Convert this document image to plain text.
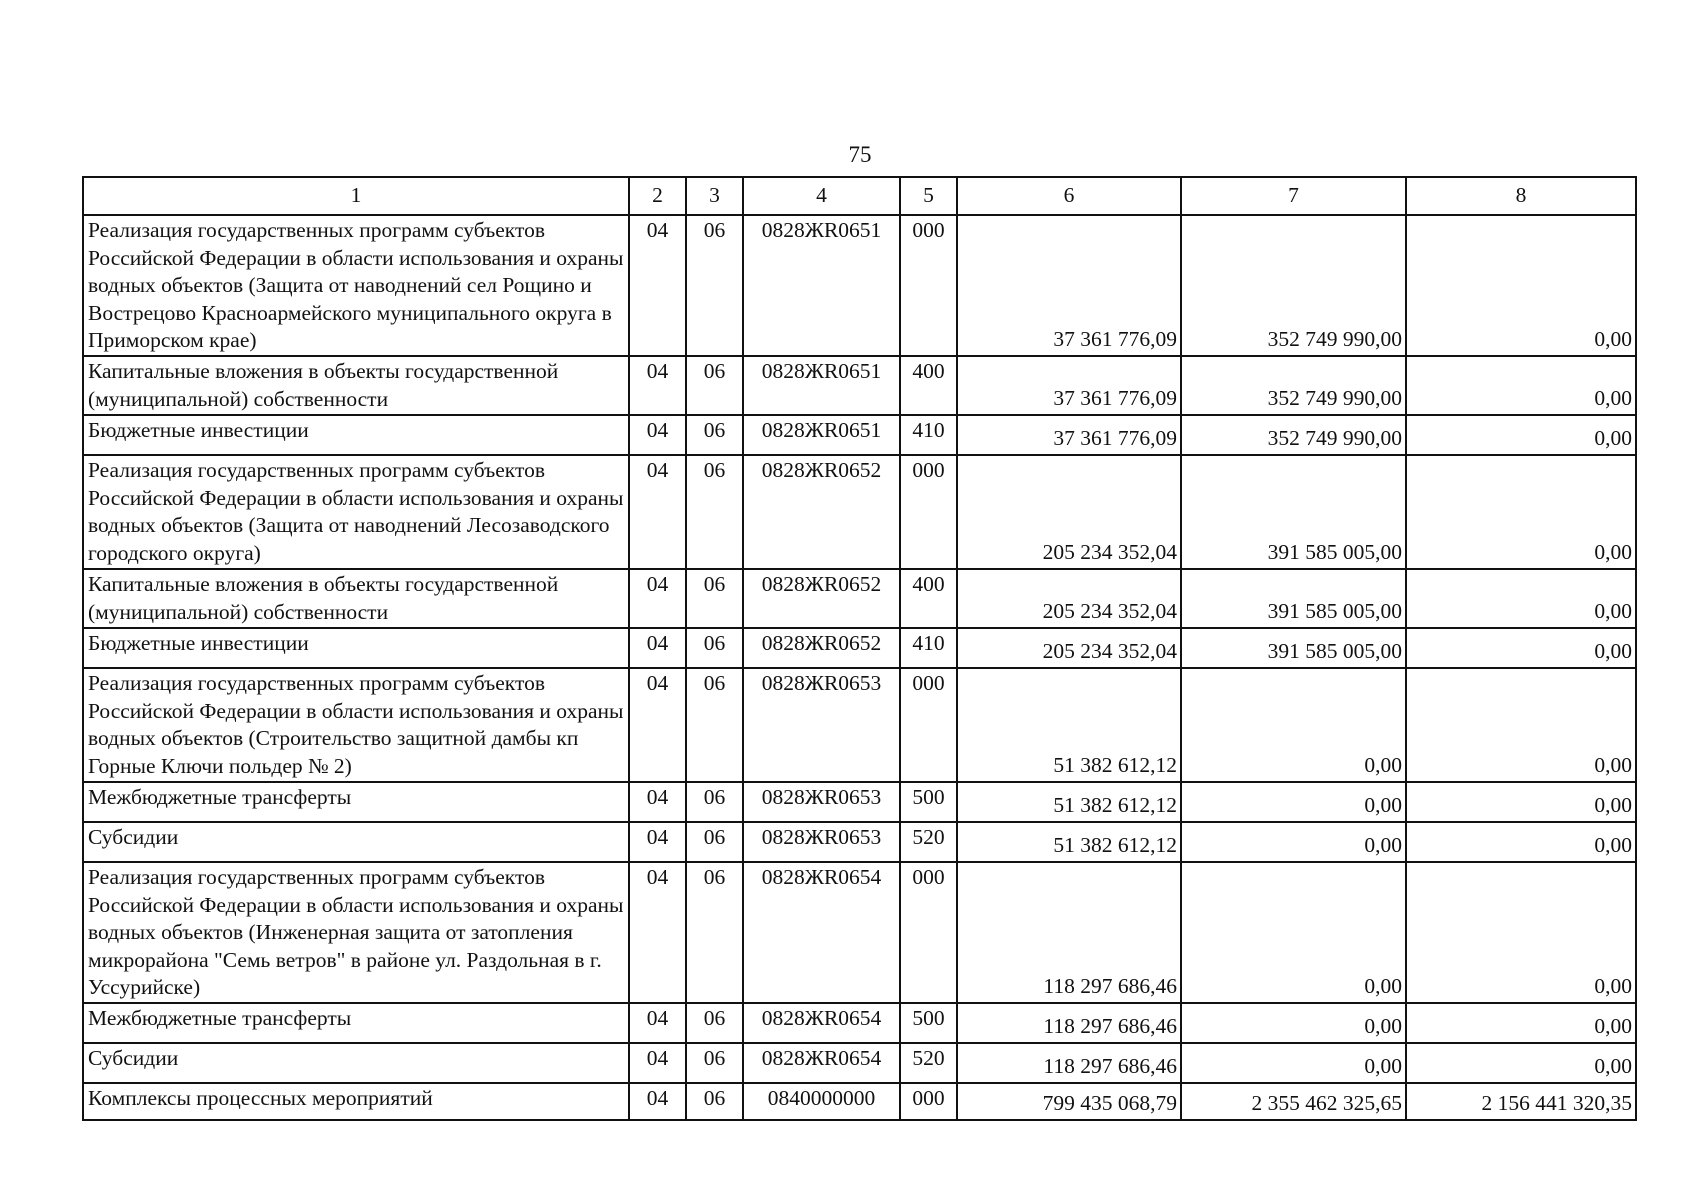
75
1	2	3	4	5	6	7	8
Реализация государственных программ субъектов Российской Федерации в области использования и охраны водных объектов (Защита от наводнений сел Рощино и Вострецово Красноармейского муниципального округа в Приморском крае)	04	06	0828ЖR0651	000	37 361 776,09	352 749 990,00	0,00
Капитальные вложения в объекты государственной (муниципальной) собственности	04	06	0828ЖR0651	400	37 361 776,09	352 749 990,00	0,00
Бюджетные инвестиции	04	06	0828ЖR0651	410	37 361 776,09	352 749 990,00	0,00
Реализация государственных программ субъектов Российской Федерации в области использования и охраны водных объектов (Защита от наводнений Лесозаводского городского округа)	04	06	0828ЖR0652	000	205 234 352,04	391 585 005,00	0,00
Капитальные вложения в объекты государственной (муниципальной) собственности	04	06	0828ЖR0652	400	205 234 352,04	391 585 005,00	0,00
Бюджетные инвестиции	04	06	0828ЖR0652	410	205 234 352,04	391 585 005,00	0,00
Реализация государственных программ субъектов Российской Федерации в области использования и охраны водных объектов (Строительство защитной дамбы кп Горные Ключи польдер № 2)	04	06	0828ЖR0653	000	51 382 612,12	0,00	0,00
Межбюджетные трансферты	04	06	0828ЖR0653	500	51 382 612,12	0,00	0,00
Субсидии	04	06	0828ЖR0653	520	51 382 612,12	0,00	0,00
Реализация государственных программ субъектов Российской Федерации в области использования и охраны водных объектов (Инженерная защита от затопления микрорайона "Семь ветров" в районе ул. Раздольная в г. Уссурийске)	04	06	0828ЖR0654	000	118 297 686,46	0,00	0,00
Межбюджетные трансферты	04	06	0828ЖR0654	500	118 297 686,46	0,00	0,00
Субсидии	04	06	0828ЖR0654	520	118 297 686,46	0,00	0,00
Комплексы процессных мероприятий	04	06	0840000000	000	799 435 068,79	2 355 462 325,65	2 156 441 320,35
